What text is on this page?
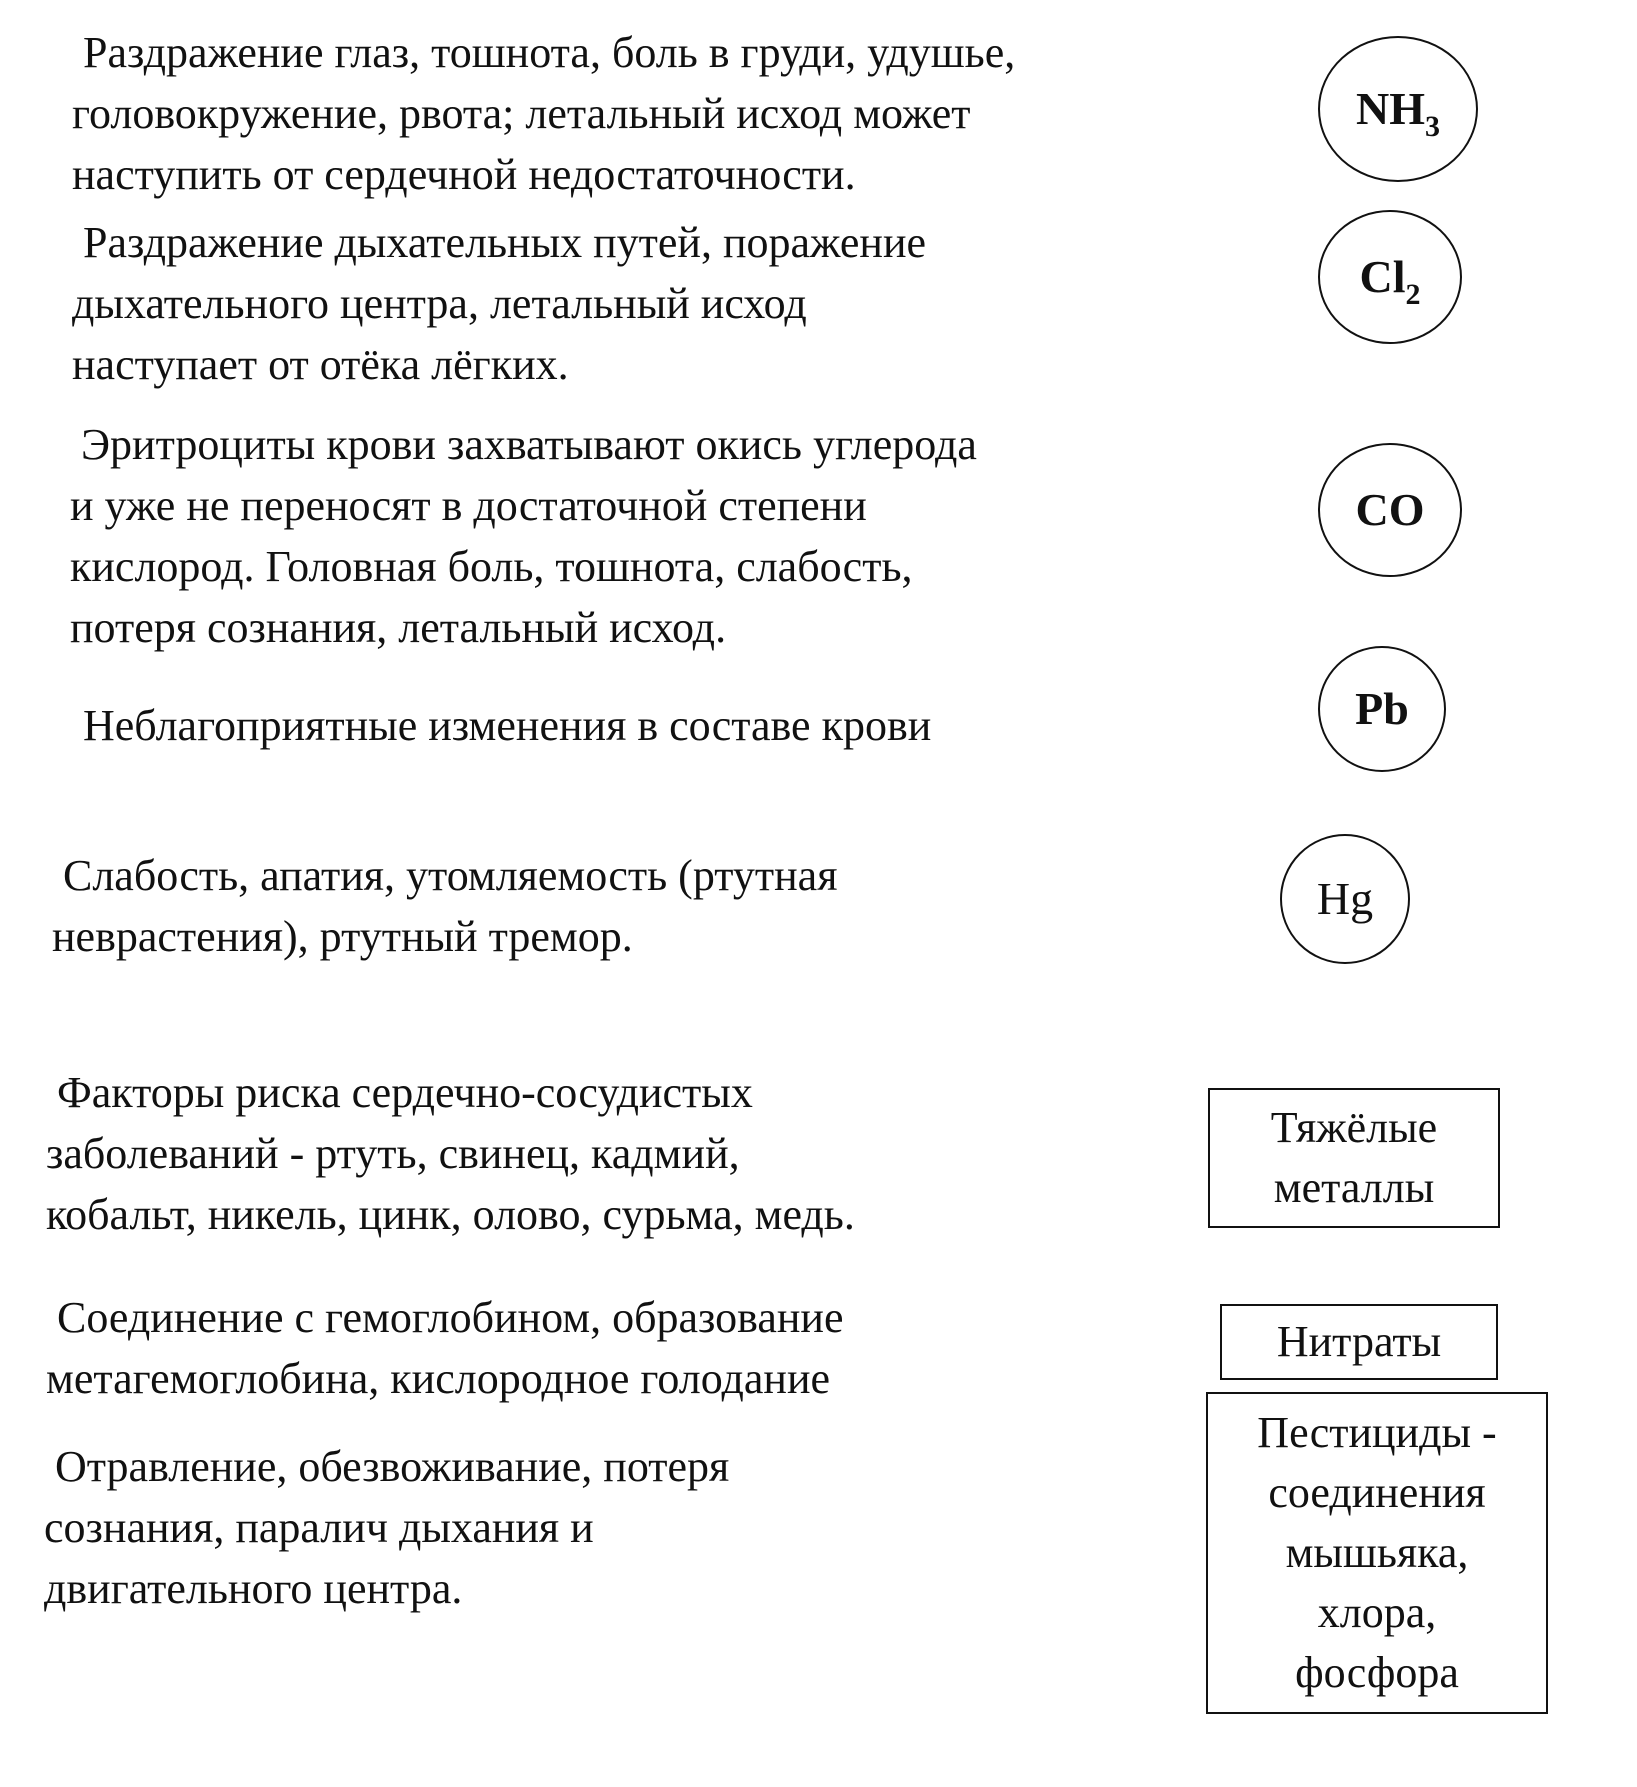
Раздражение глаз, тошнота, боль в груди, удушье,
головокружение, рвота; летальный исход может
наступить от сердечной недостаточности.

Раздражение дыхательных путей, поражение
дыхательного центра, летальный исход
наступает от отёка лёгких.

Эритроциты крови захватывают окись углерода
и уже не переносят в достаточной степени
кислород. Головная боль, тошнота, слабость,
потеря сознания, летальный исход.

Неблагоприятные изменения в составе крови

Слабость, апатия, утомляемость (ртутная
неврастения), ртутный тремор.

Факторы риска сердечно-сосудистых
заболеваний - ртуть, свинец, кадмий,
кобальт, никель, цинк, олово, сурьма, медь.

Соединение с гемоглобином, образование
метагемоглобина, кислородное голодание

Отравление, обезвоживание, потеря
сознания, паралич дыхания и
двигательного центра.

$NH_3$
$Cl_2$
CO
Pb
Hg
Тяжёлые
металлы
Нитраты
Пестициды -
соединения
мышьяка,
хлора,
фосфора
